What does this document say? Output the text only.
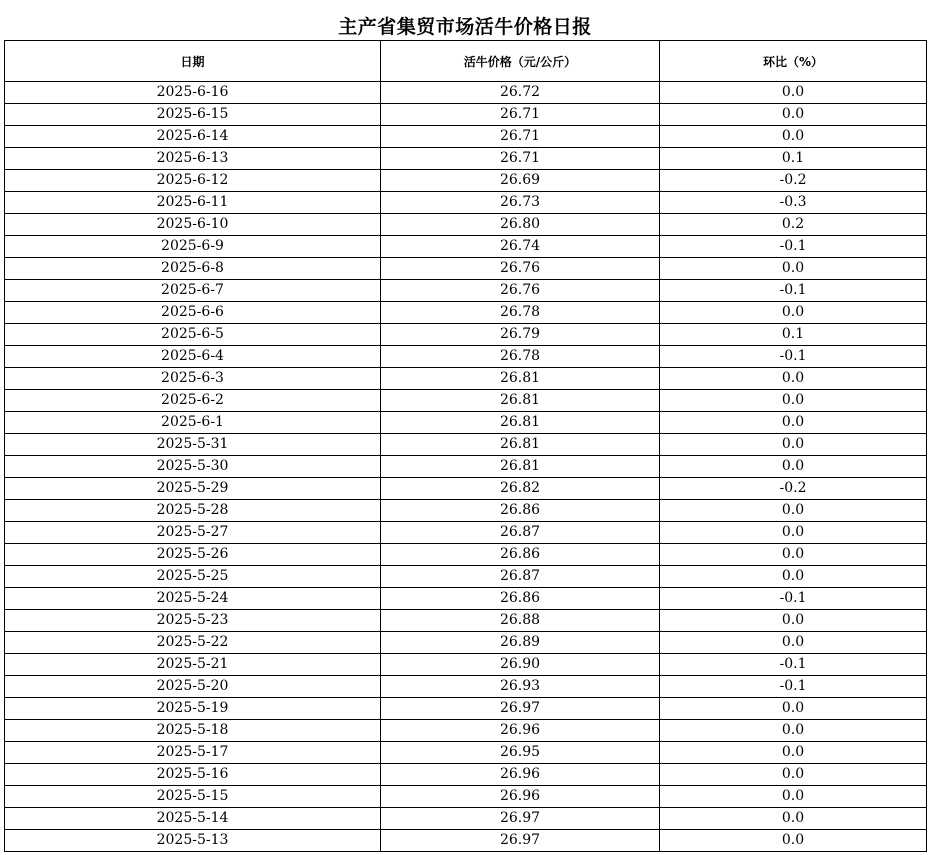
主产省集贸市场活牛价格日报
日期	活牛价格（元/公斤）	环比（%）
2025-6-16	26.72	0.0
2025-6-15	26.71	0.0
2025-6-14	26.71	0.0
2025-6-13	26.71	0.1
2025-6-12	26.69	-0.2
2025-6-11	26.73	-0.3
2025-6-10	26.80	0.2
2025-6-9	26.74	-0.1
2025-6-8	26.76	0.0
2025-6-7	26.76	-0.1
2025-6-6	26.78	0.0
2025-6-5	26.79	0.1
2025-6-4	26.78	-0.1
2025-6-3	26.81	0.0
2025-6-2	26.81	0.0
2025-6-1	26.81	0.0
2025-5-31	26.81	0.0
2025-5-30	26.81	0.0
2025-5-29	26.82	-0.2
2025-5-28	26.86	0.0
2025-5-27	26.87	0.0
2025-5-26	26.86	0.0
2025-5-25	26.87	0.0
2025-5-24	26.86	-0.1
2025-5-23	26.88	0.0
2025-5-22	26.89	0.0
2025-5-21	26.90	-0.1
2025-5-20	26.93	-0.1
2025-5-19	26.97	0.0
2025-5-18	26.96	0.0
2025-5-17	26.95	0.0
2025-5-16	26.96	0.0
2025-5-15	26.96	0.0
2025-5-14	26.97	0.0
2025-5-13	26.97	0.0
